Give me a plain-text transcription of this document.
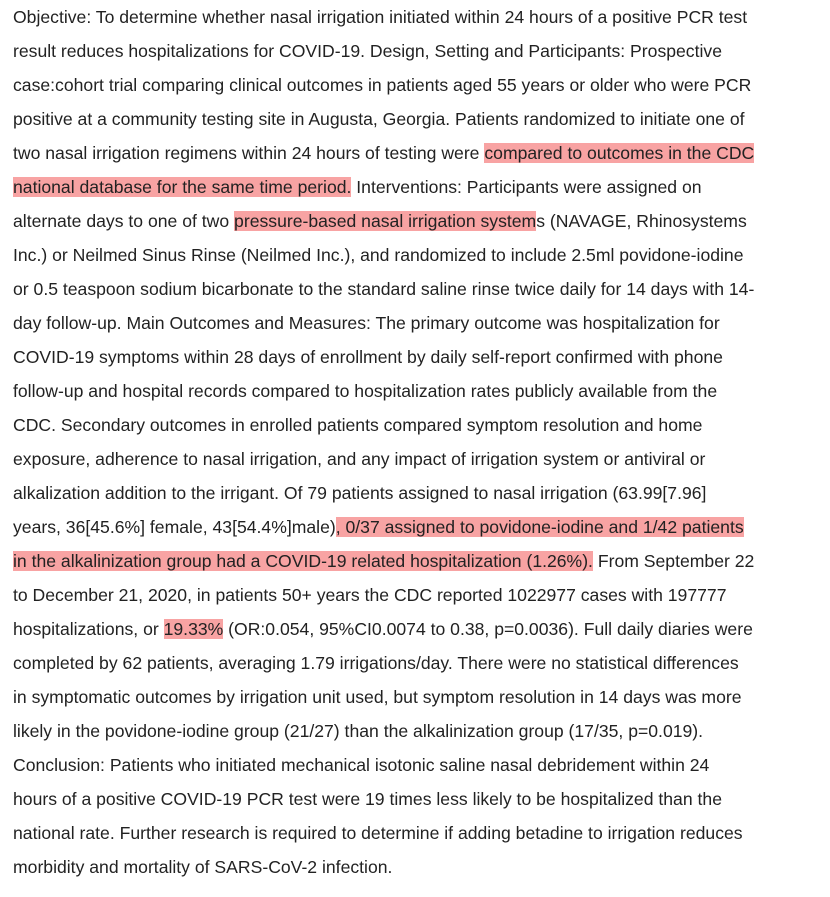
Objective: To determine whether nasal irrigation initiated within 24 hours of a positive PCR test
result reduces hospitalizations for COVID-19. Design, Setting and Participants: Prospective
case:cohort trial comparing clinical outcomes in patients aged 55 years or older who were PCR
positive at a community testing site in Augusta, Georgia. Patients randomized to initiate one of
two nasal irrigation regimens within 24 hours of testing were compared to outcomes in the CDC
national database for the same time period. Interventions: Participants were assigned on
alternate days to one of two pressure-based nasal irrigation systems (NAVAGE, Rhinosystems
Inc.) or Neilmed Sinus Rinse (Neilmed Inc.), and randomized to include 2.5ml povidone-iodine
or 0.5 teaspoon sodium bicarbonate to the standard saline rinse twice daily for 14 days with 14-
day follow-up. Main Outcomes and Measures: The primary outcome was hospitalization for
COVID-19 symptoms within 28 days of enrollment by daily self-report confirmed with phone
follow-up and hospital records compared to hospitalization rates publicly available from the
CDC. Secondary outcomes in enrolled patients compared symptom resolution and home
exposure, adherence to nasal irrigation, and any impact of irrigation system or antiviral or
alkalization addition to the irrigant. Of 79 patients assigned to nasal irrigation (63.99[7.96]
years, 36[45.6%] female, 43[54.4%]male), 0/37 assigned to povidone-iodine and 1/42 patients
in the alkalinization group had a COVID-19 related hospitalization (1.26%). From September 22
to December 21, 2020, in patients 50+ years the CDC reported 1022977 cases with 197777
hospitalizations, or 19.33% (OR:0.054, 95%CI0.0074 to 0.38, p=0.0036). Full daily diaries were
completed by 62 patients, averaging 1.79 irrigations/day. There were no statistical differences
in symptomatic outcomes by irrigation unit used, but symptom resolution in 14 days was more
likely in the povidone-iodine group (21/27) than the alkalinization group (17/35, p=0.019).
Conclusion: Patients who initiated mechanical isotonic saline nasal debridement within 24
hours of a positive COVID-19 PCR test were 19 times less likely to be hospitalized than the
national rate. Further research is required to determine if adding betadine to irrigation reduces
morbidity and mortality of SARS-CoV-2 infection.
